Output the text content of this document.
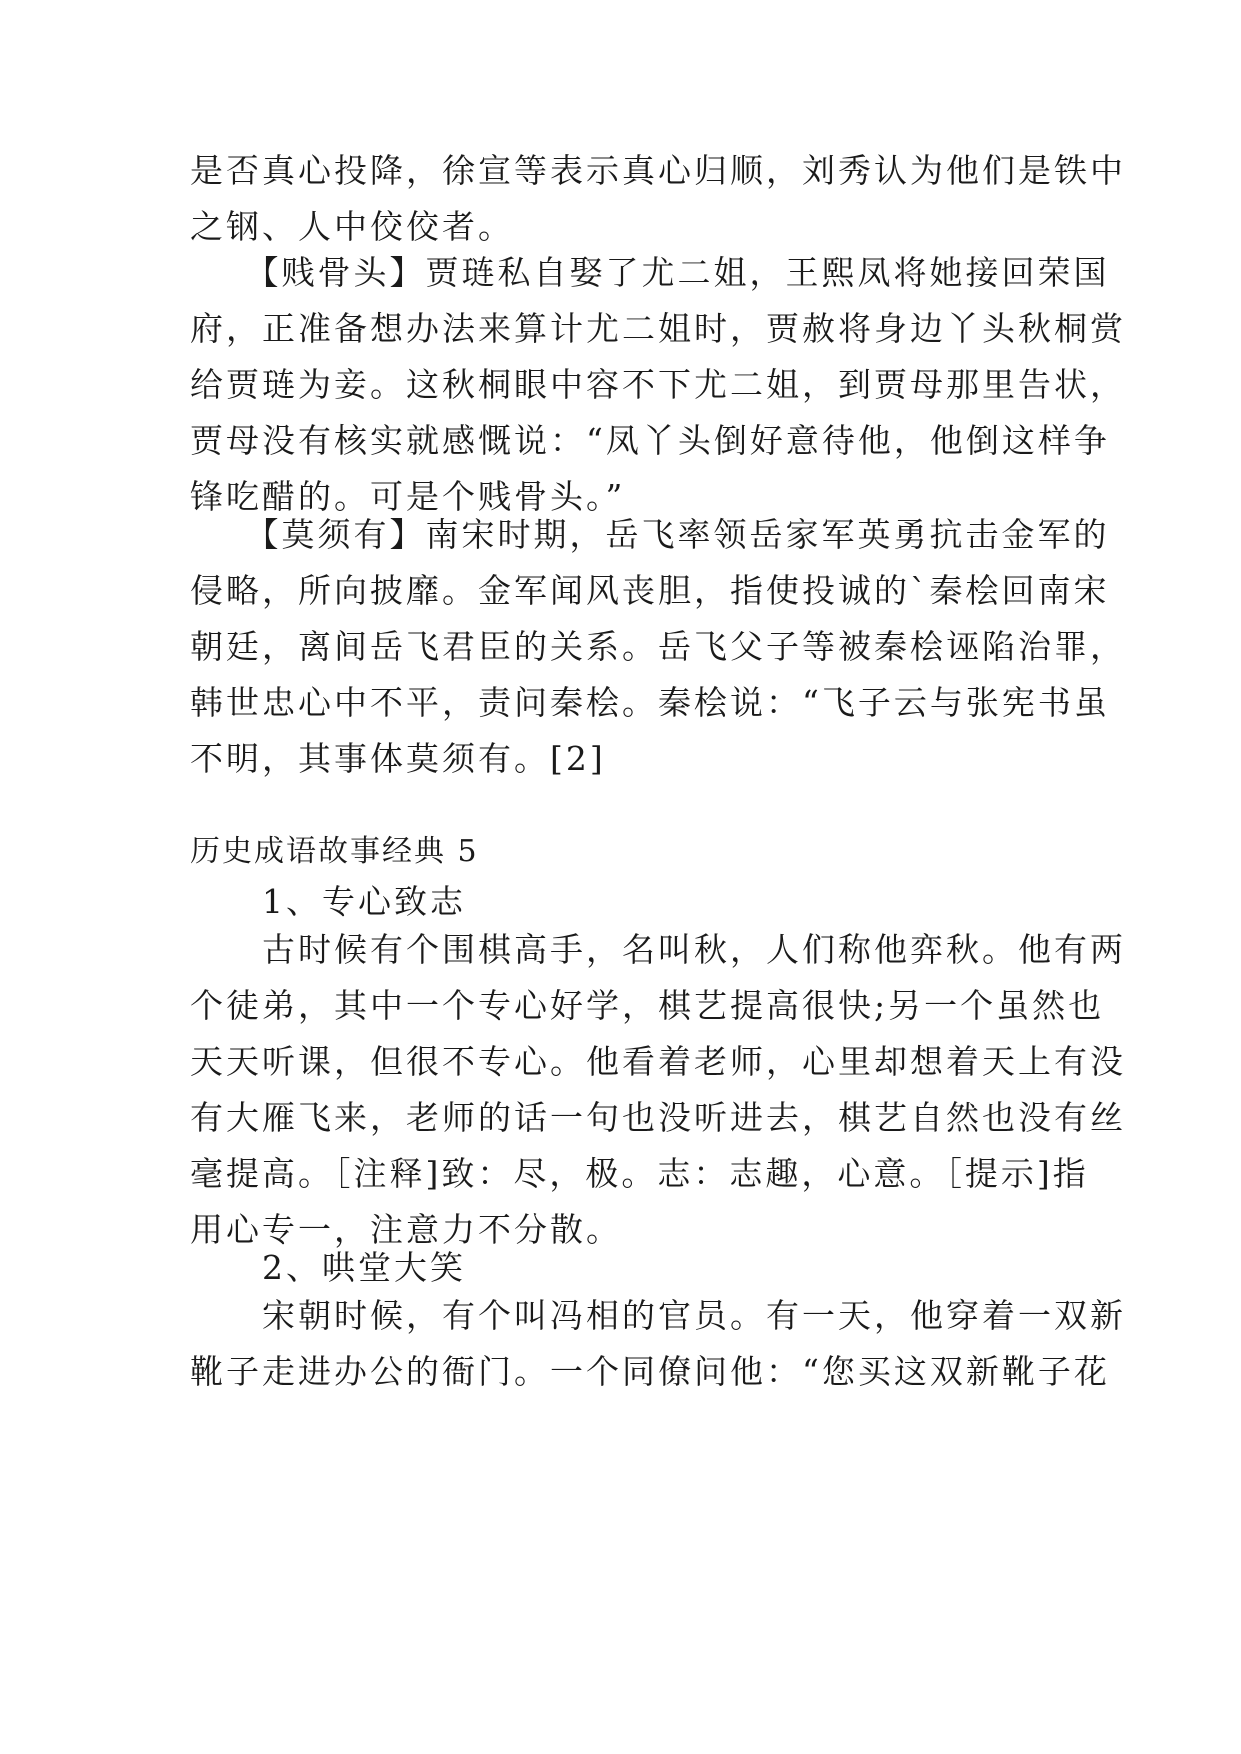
是否真心投降，徐宣等表示真心归顺，刘秀认为他们是铁中
之钢、人中佼佼者。

　　【贱骨头】贾琏私自娶了尤二姐，王熙凤将她接回荣国
府，正准备想办法来算计尤二姐时，贾赦将身边丫头秋桐赏
给贾琏为妾。这秋桐眼中容不下尤二姐，到贾母那里告状，
贾母没有核实就感慨说：“凤丫头倒好意待他，他倒这样争
锋吃醋的。可是个贱骨头。”

　　【莫须有】南宋时期，岳飞率领岳家军英勇抗击金军的
侵略，所向披靡。金军闻风丧胆，指使投诚的`秦桧回南宋
朝廷，离间岳飞君臣的关系。岳飞父子等被秦桧诬陷治罪，
韩世忠心中不平，责问秦桧。秦桧说：“飞子云与张宪书虽
不明，其事体莫须有。[2]

历史成语故事经典 5

　　1、专心致志

　　古时候有个围棋高手，名叫秋，人们称他弈秋。他有两
个徒弟，其中一个专心好学，棋艺提高很快;另一个虽然也
天天听课，但很不专心。他看着老师，心里却想着天上有没
有大雁飞来，老师的话一句也没听进去，棋艺自然也没有丝
毫提高。［注释]致：尽，极。志：志趣，心意。［提示]指
用心专一，注意力不分散。

　　2、哄堂大笑

　　宋朝时候，有个叫冯相的官员。有一天，他穿着一双新
靴子走进办公的衙门。一个同僚问他：“您买这双新靴子花
